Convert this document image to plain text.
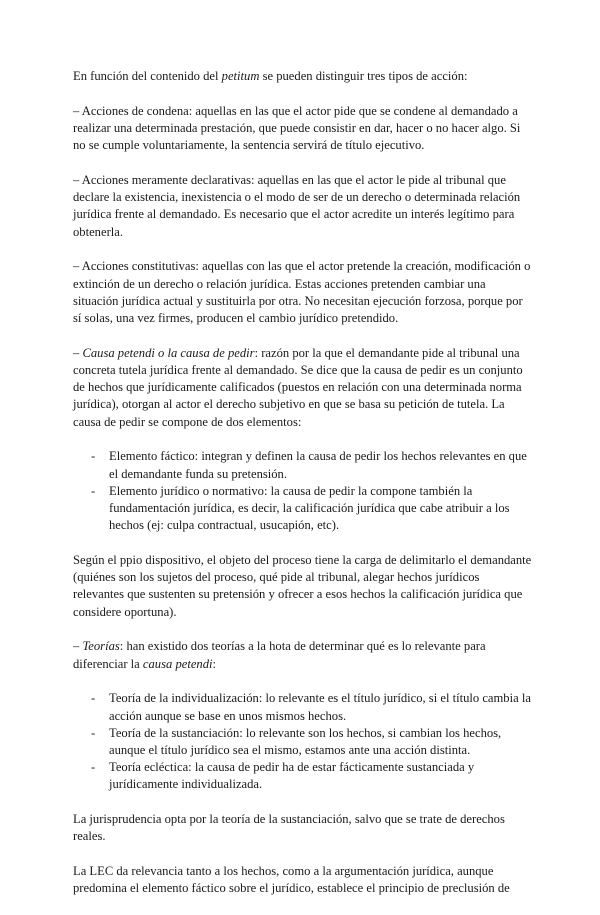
En función del contenido del petitum se pueden distinguir tres tipos de acción:

– Acciones de condena: aquellas en las que el actor pide que se condene al demandado a realizar una determinada prestación, que puede consistir en dar, hacer o no hacer algo. Si no se cumple voluntariamente, la sentencia servirá de título ejecutivo.

– Acciones meramente declarativas: aquellas en las que el actor le pide al tribunal que declare la existencia, inexistencia o el modo de ser de un derecho o determinada relación jurídica frente al demandado. Es necesario que el actor acredite un interés legítimo para obtenerla.

– Acciones constitutivas: aquellas con las que el actor pretende la creación, modificación o extinción de un derecho o relación jurídica. Estas acciones pretenden cambiar una situación jurídica actual y sustituirla por otra. No necesitan ejecución forzosa, porque por sí solas, una vez firmes, producen el cambio jurídico pretendido.

– Causa petendi o la causa de pedir: razón por la que el demandante pide al tribunal una concreta tutela jurídica frente al demandado. Se dice que la causa de pedir es un conjunto de hechos que jurídicamente calificados (puestos en relación con una determinada norma jurídica), otorgan al actor el derecho subjetivo en que se basa su petición de tutela. La causa de pedir se compone de dos elementos:

- Elemento fáctico: integran y definen la causa de pedir los hechos relevantes en que el demandante funda su pretensión.
- Elemento jurídico o normativo: la causa de pedir la compone también la fundamentación jurídica, es decir, la calificación jurídica que cabe atribuir a los hechos (ej: culpa contractual, usucapión, etc).

Según el ppio dispositivo, el objeto del proceso tiene la carga de delimitarlo el demandante (quiénes son los sujetos del proceso, qué pide al tribunal, alegar hechos jurídicos relevantes que sustenten su pretensión y ofrecer a esos hechos la calificación jurídica que considere oportuna).

– Teorías: han existido dos teorías a la hota de determinar qué es lo relevante para diferenciar la causa petendi:

- Teoría de la individualización: lo relevante es el título jurídico, si el título cambia la acción aunque se base en unos mismos hechos.
- Teoría de la sustanciación: lo relevante son los hechos, si cambian los hechos, aunque el título jurídico sea el mismo, estamos ante una acción distinta.
- Teoría ecléctica: la causa de pedir ha de estar fácticamente sustanciada y jurídicamente individualizada.

La jurisprudencia opta por la teoría de la sustanciación, salvo que se trate de derechos reales.

La LEC da relevancia tanto a los hechos, como a la argumentación jurídica, aunque predomina el elemento fáctico sobre el jurídico, establece el principio de preclusión de
